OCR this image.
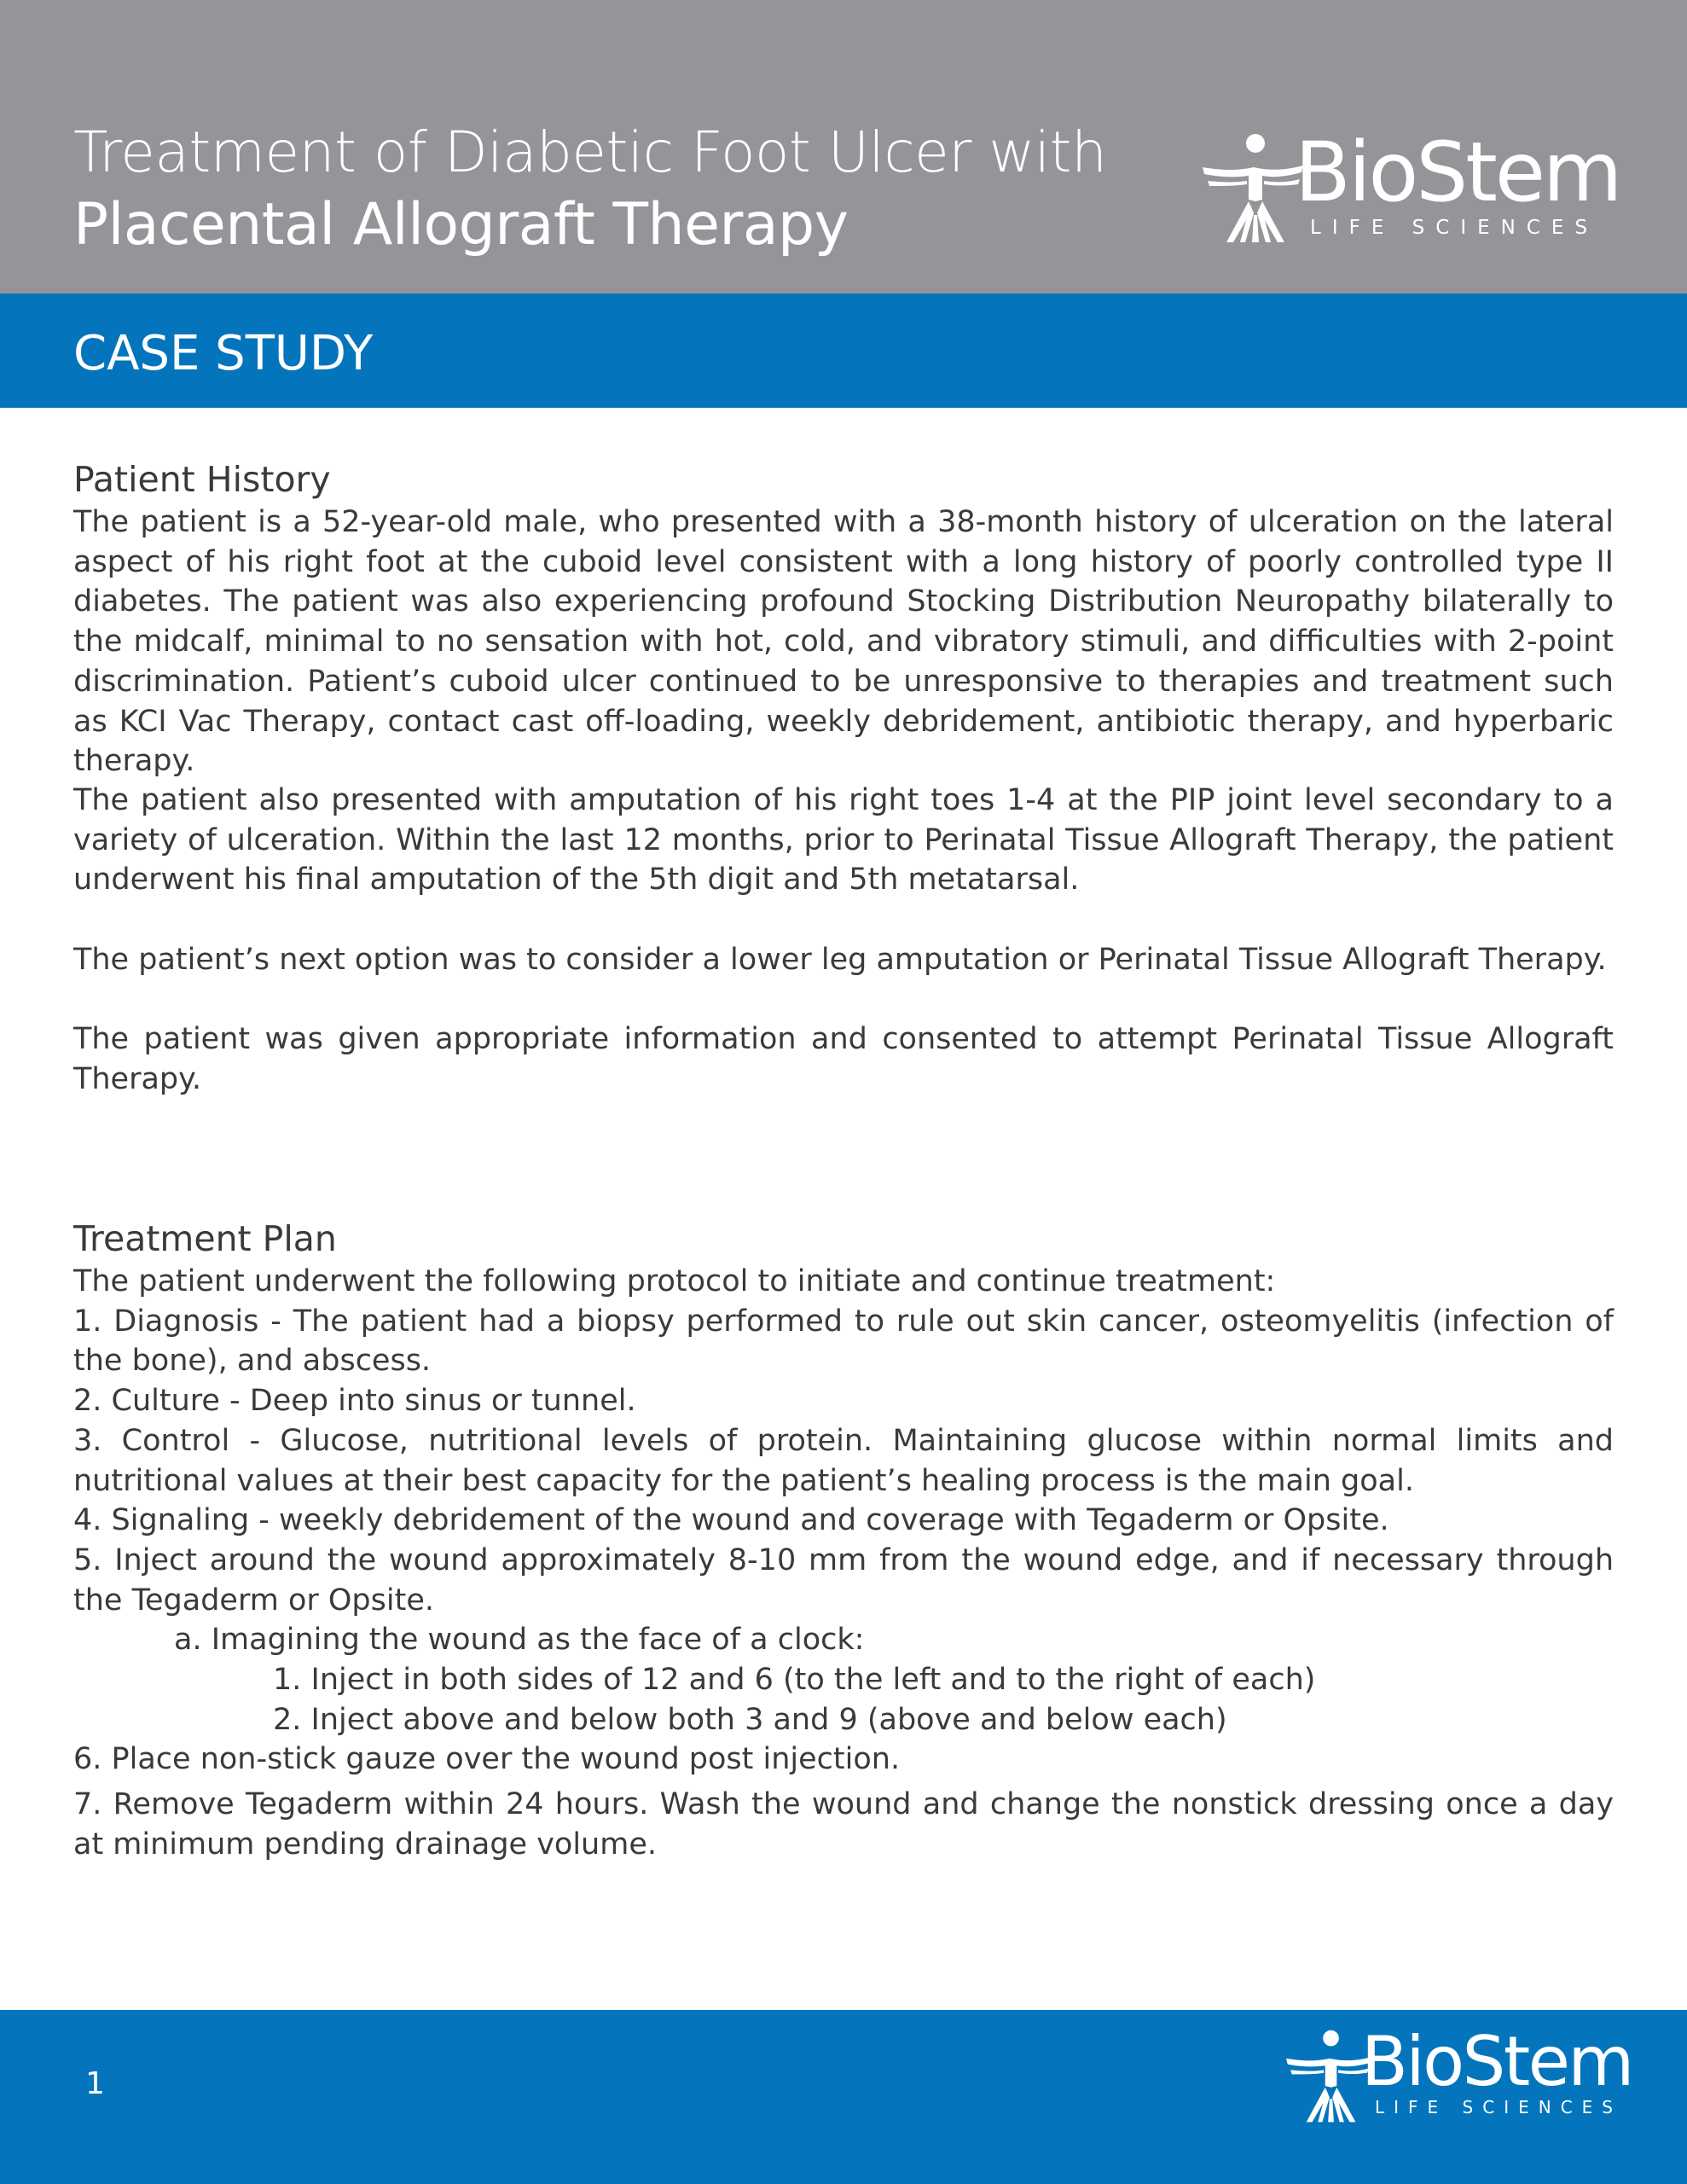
Treatment of Diabetic Foot Ulcer with
Placental Allograft Therapy
BioStem
LIFE SCIENCES
CASE STUDY
Patient History

The patient is a 52-year-old male, who presented with a 38-month history of ulceration on the lateral aspect of his right foot at the cuboid level consistent with a long history of poorly controlled type II diabetes. The patient was also experiencing profound Stocking Distribution Neuropathy bilaterally to the midcalf, minimal to no sensation with hot, cold, and vibratory stimuli, and difficulties with 2-point discrimination. Patient’s cuboid ulcer continued to be unresponsive to therapies and treatment such as KCI Vac Therapy, contact cast off-loading, weekly debridement, antibiotic therapy, and hyperbaric therapy.

The patient also presented with amputation of his right toes 1-4 at the PIP joint level secondary to a variety of ulceration. Within the last 12 months, prior to Perinatal Tissue Allograft Therapy, the patient underwent his final amputation of the 5th digit and 5th metatarsal.

The patient’s next option was to consider a lower leg amputation or Perinatal Tissue Allograft Therapy.

The patient was given appropriate information and consented to attempt Perinatal Tissue Allograft Therapy.

Treatment Plan
The patient underwent the following protocol to initiate and continue treatment:
1. Diagnosis - The patient had a biopsy performed to rule out skin cancer, osteomyelitis (infection of the bone), and abscess.
2. Culture - Deep into sinus or tunnel.
3. Control - Glucose, nutritional levels of protein. Maintaining glucose within normal limits and nutritional values at their best capacity for the patient’s healing process is the main goal.
4. Signaling - weekly debridement of the wound and coverage with Tegaderm or Opsite.
5. Inject around the wound approximately 8-10 mm from the wound edge, and if necessary through the Tegaderm or Opsite.
a. Imagining the wound as the face of a clock:
1. Inject in both sides of 12 and 6 (to the left and to the right of each)
2. Inject above and below both 3 and 9 (above and below each)
6. Place non-stick gauze over the wound post injection.
7. Remove Tegaderm within 24 hours. Wash the wound and change the nonstick dressing once a day at minimum pending drainage volume.
1	BioStem
LIFE SCIENCES
